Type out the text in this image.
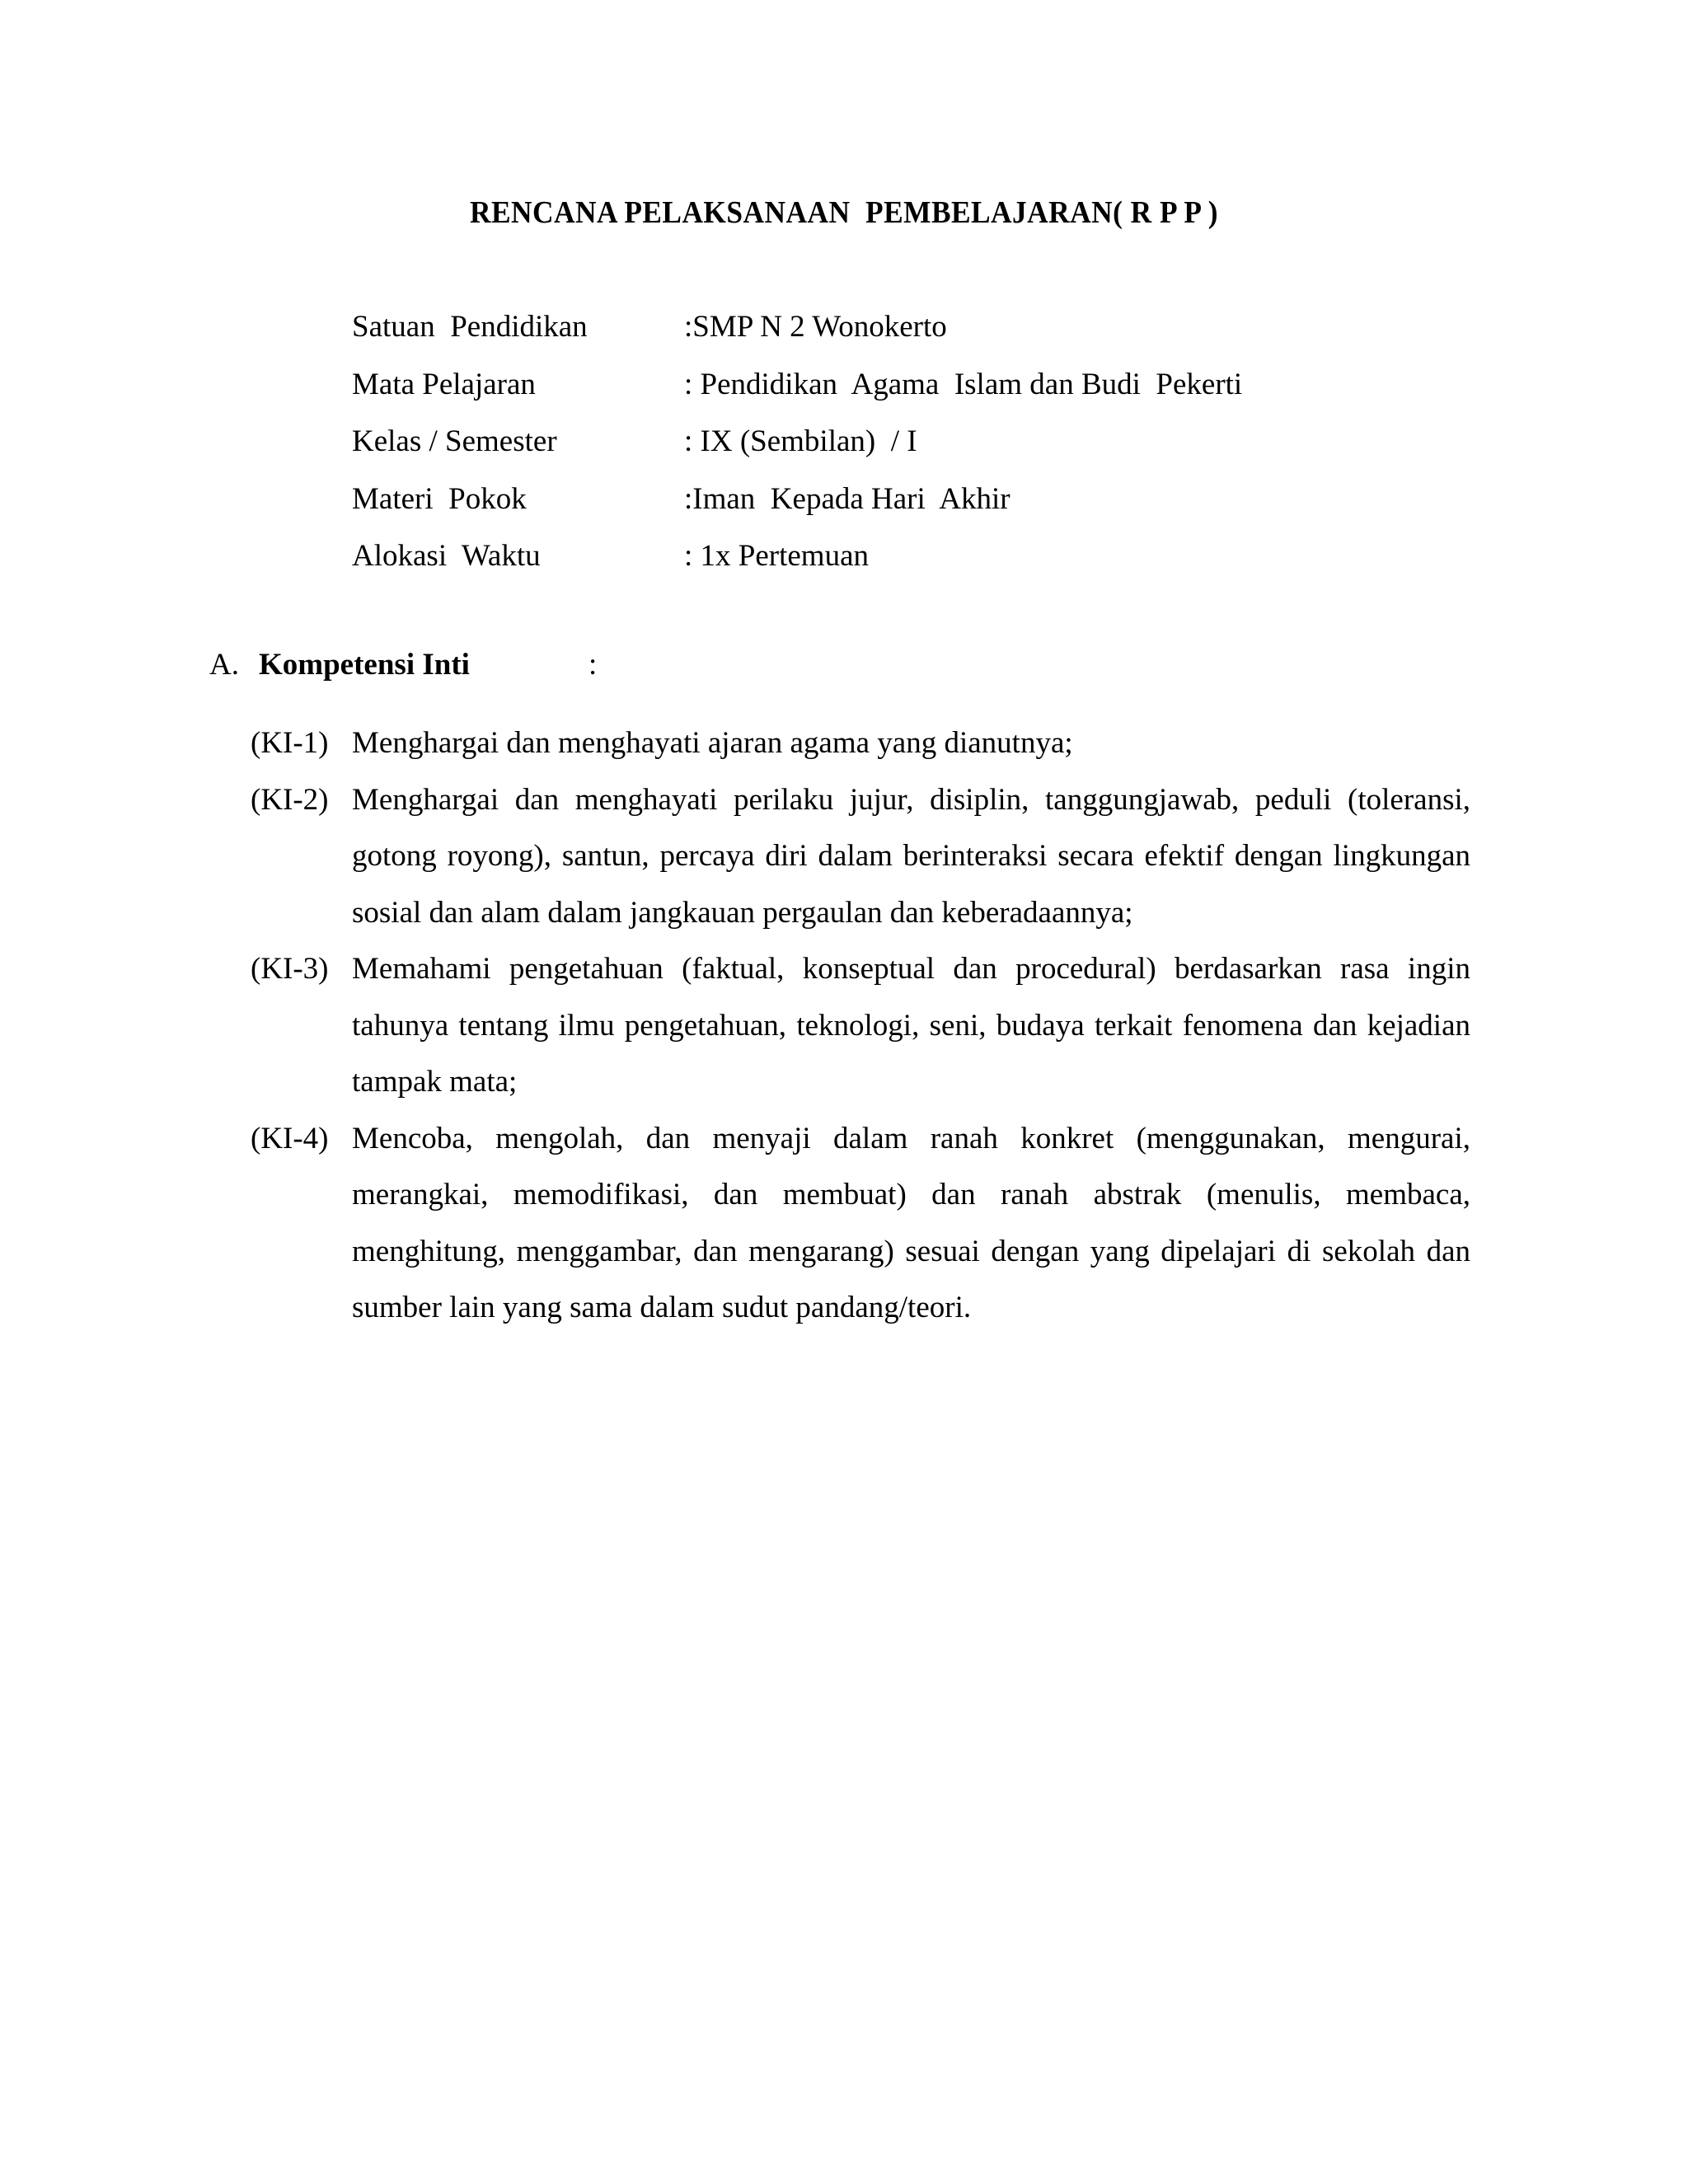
RENCANA PELAKSANAAN  PEMBELAJARAN( R P P )

Satuan  Pendidikan

	:SMP N 2 Wonokerto

Mata Pelajaran

	: Pendidikan  Agama  Islam dan Budi  Pekerti

Kelas / Semester

	: IX (Sembilan)  / I

Materi  Pokok

	:Iman  Kepada Hari  Akhir

Alokasi  Waktu

	: 1x Pertemuan

A.

Kompetensi Inti

	:

(KI-1) Menghargai dan menghayati ajaran agama yang dianutnya;
(KI-2) Menghargai dan menghayati perilaku jujur, disiplin, tanggungjawab, peduli (toleransi, gotong royong), santun, percaya diri dalam berinteraksi secara efektif dengan lingkungan sosial dan alam dalam jangkauan pergaulan dan keberadaannya;
(KI-3) Memahami pengetahuan (faktual, konseptual dan procedural) berdasarkan rasa ingin tahunya tentang ilmu pengetahuan, teknologi, seni, budaya terkait fenomena dan kejadian tampak mata;
(KI-4) Mencoba, mengolah, dan menyaji dalam ranah konkret (menggunakan, mengurai, merangkai, memodifikasi, dan membuat) dan ranah abstrak (menulis, membaca, menghitung, menggambar, dan mengarang) sesuai dengan yang dipelajari di sekolah dan sumber lain yang sama dalam sudut pandang/teori.
